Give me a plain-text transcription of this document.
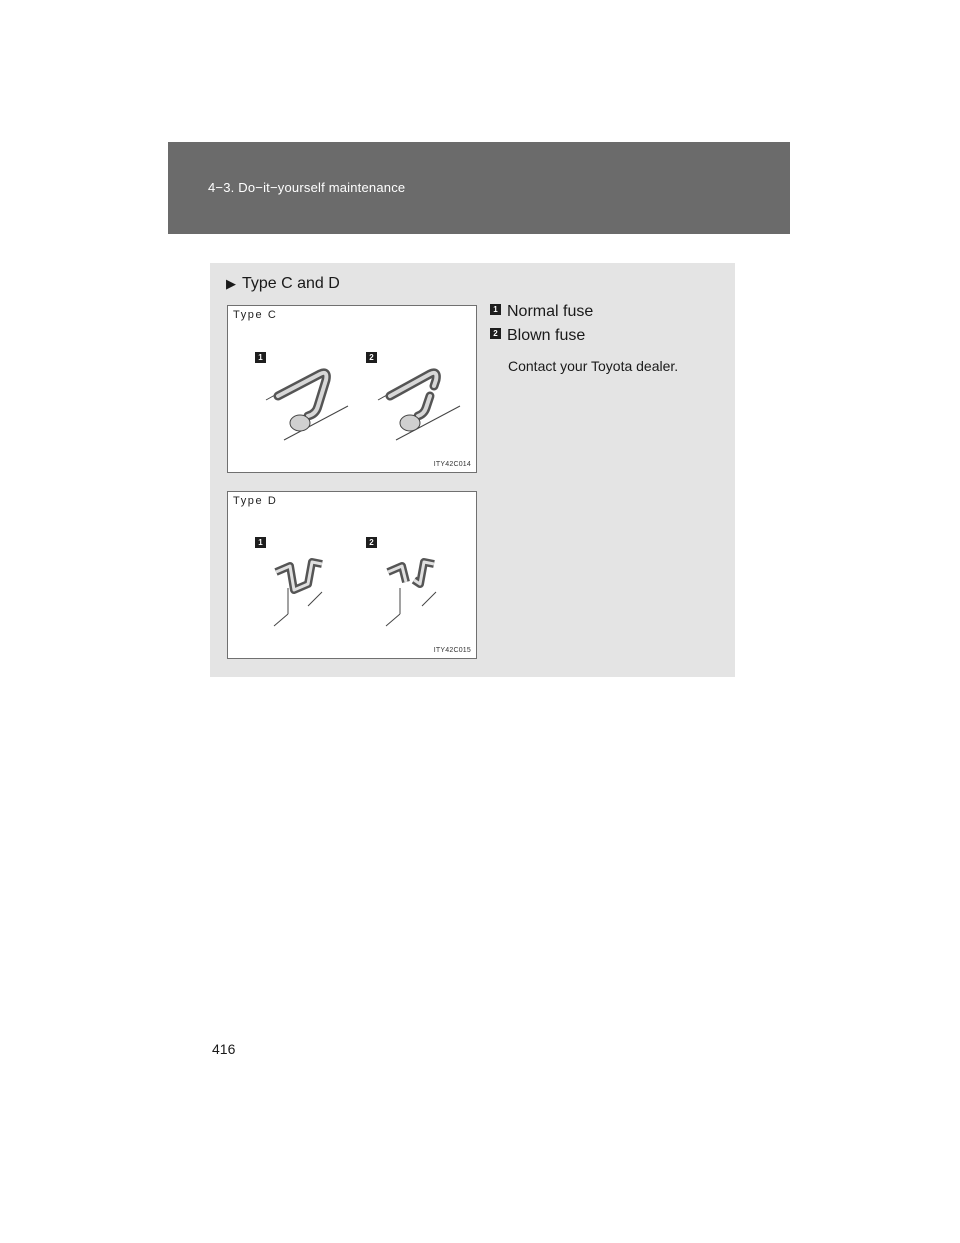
4−3. Do−it−yourself maintenance
▶ Type C and D
Type C
1	2
ITY42C014
Type D
1	2
ITY42C015
1 Normal fuse
2 Blown fuse
Contact your Toyota dealer.
416
